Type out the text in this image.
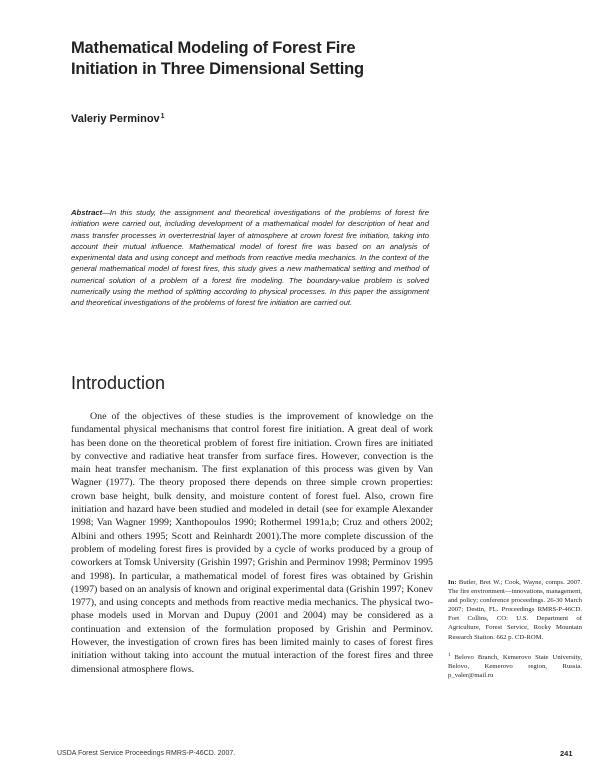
Mathematical Modeling of Forest Fire
Initiation in Three Dimensional Setting
Valeriy Perminov$^1$
Abstract—In this study, the assignment and theoretical investigations of the problems of forest fire initiation were carried out, including development of a mathematical model for description of heat and mass transfer processes in overterrestrial layer of atmosphere at crown forest fire initiation, taking into account their mutual influence. Mathematical model of forest fire was based on an analysis of experimental data and using concept and methods from reactive media mechanics. In the context of the general mathematical model of forest fires, this study gives a new mathematical setting and method of numerical solution of a problem of a forest fire modeling. The boundary-value problem is solved numerically using the method of splitting according to physical processes. In this paper the assignment and theoretical investigations of the problems of forest fire initiation are carried out.
Introduction

One of the objectives of these studies is the improvement of knowledge on the fundamental physical mechanisms that control forest fire initiation. A great deal of work has been done on the theoretical problem of forest fire initiation. Crown fires are initiated by convective and radiative heat transfer from surface fires. However, convection is the main heat transfer mechanism. The first explanation of this process was given by Van Wagner (1977). The theory proposed there depends on three simple crown properties: crown base height, bulk density, and moisture content of forest fuel. Also, crown fire initiation and hazard have been studied and modeled in detail (see for example Alexander 1998; Van Wagner 1999; Xanthopoulos 1990; Rothermel 1991a,b; Cruz and others 2002; Albini and others 1995; Scott and Reinhardt 2001).The more complete discussion of the problem of modeling forest fires is provided by a cycle of works produced by a group of coworkers at Tomsk University (Grishin 1997; Grishin and Perminov 1998; Perminov 1995 and 1998). In particular, a mathematical model of forest fires was obtained by Grishin (1997) based on an analysis of known and original experimental data (Grishin 1997; Konev 1977), and using concepts and methods from reactive media mechanics. The physical two-phase models used in Morvan and Dupuy (2001 and 2004) may be considered as a continuation and extension of the formulation proposed by Grishin and Perminov. However, the investigation of crown fires has been limited mainly to cases of forest fires initiation without taking into account the mutual interaction of the forest fires and three dimensional atmosphere flows.

In: Butler, Bret W.; Cook, Wayne, comps. 2007. The fire environment—innovations, management, and policy; conference proceedings. 26-30 March 2007; Destin, FL. Proceedings RMRS-P-46CD. Fort Collins, CO: U.S. Department of Agriculture, Forest Service, Rocky Mountain Research Station. 662 p. CD-ROM.

$^1$ Belovo Branch, Kemerovo State University, Belovo, Kemerovo region, Russia. p_valer@mail.ru

USDA Forest Service Proceedings RMRS-P-46CD. 2007.	241
